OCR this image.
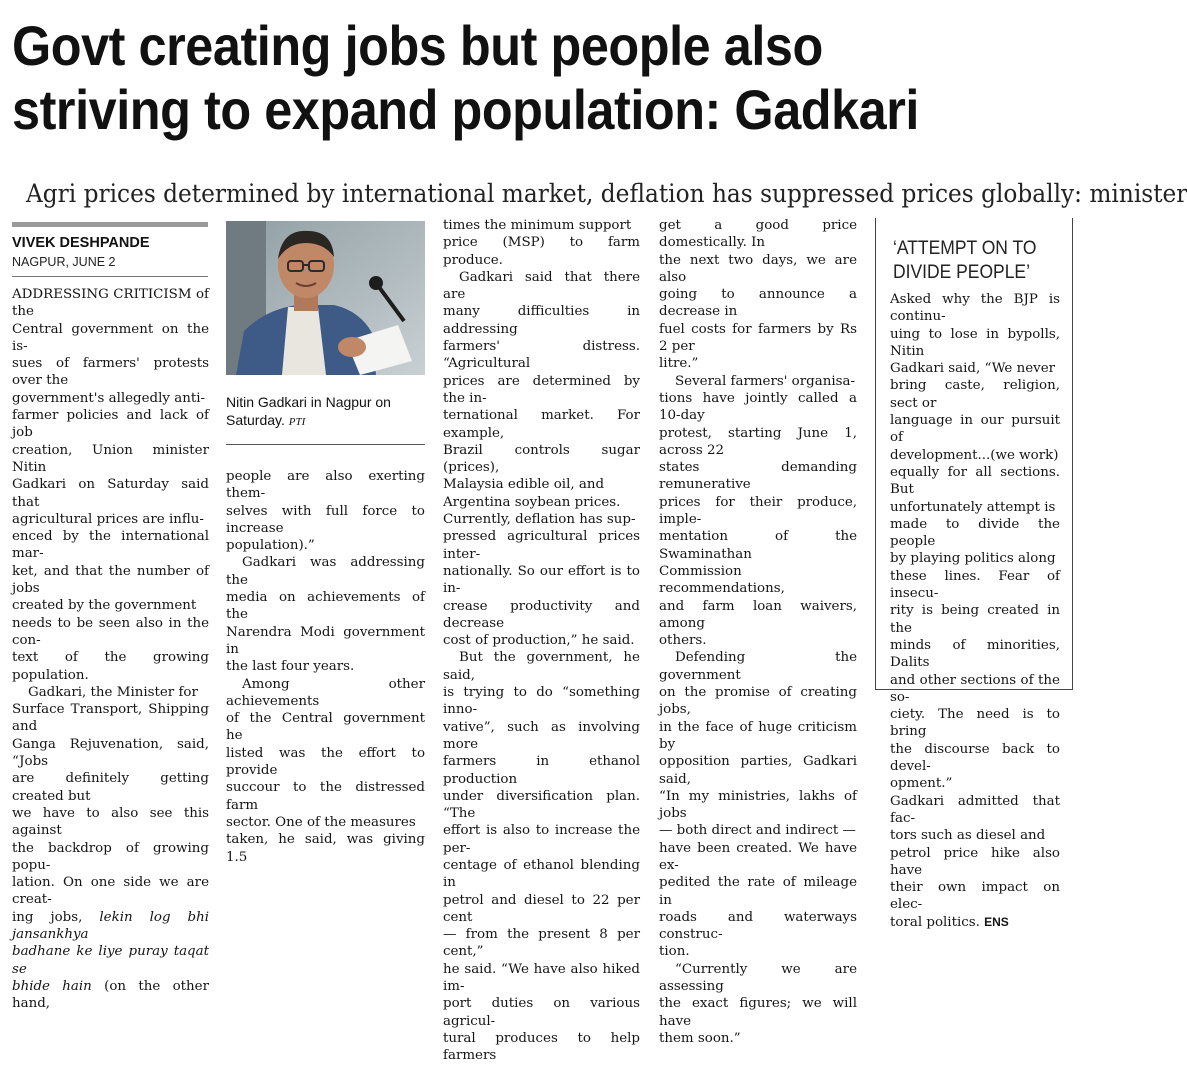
Govt creating jobs but people also
striving to expand population: Gadkari
Agri prices determined by international market, deflation has suppressed prices globally: minister
VIVEK DESHPANDE
NAGPUR, JUNE 2

ADDRESSING CRITICISM of the
Central government on the is-
sues of farmers' protests over the
government's allegedly anti-
farmer policies and lack of job
creation, Union minister Nitin
Gadkari on Saturday said that
agricultural prices are influ-
enced by the international mar-
ket, and that the number of jobs
created by the government
needs to be seen also in the con-
text of the growing population.

Gadkari, the Minister for
Surface Transport, Shipping and
Ganga Rejuvenation, said, “Jobs
are definitely getting created but
we have to also see this against
the backdrop of growing popu-
lation. On one side we are creat-
ing jobs, lekin log bhi jansankhya
badhane ke liye puray taqat se
bhide hain (on the other hand,

Nitin Gadkari in Nagpur on Saturday. PTI

people are also exerting them-
selves with full force to increase
population).”

Gadkari was addressing the
media on achievements of the
Narendra Modi government in
the last four years.

Among other achievements
of the Central government he
listed was the effort to provide
succour to the distressed farm
sector. One of the measures
taken, he said, was giving 1.5

times the minimum support
price (MSP) to farm produce.

Gadkari said that there are
many difficulties in addressing
farmers' distress. “Agricultural
prices are determined by the in-
ternational market. For example,
Brazil controls sugar (prices),
Malaysia edible oil, and
Argentina soybean prices.
Currently, deflation has sup-
pressed agricultural prices inter-
nationally. So our effort is to in-
crease productivity and decrease
cost of production,” he said.

But the government, he said,
is trying to do “something inno-
vative”, such as involving more
farmers in ethanol production
under diversification plan. “The
effort is also to increase the per-
centage of ethanol blending in
petrol and diesel to 22 per cent
— from the present 8 per cent,”
he said. “We have also hiked im-
port duties on various agricul-
tural produces to help farmers

get a good price domestically. In
the next two days, we are also
going to announce a decrease in
fuel costs for farmers by Rs 2 per
litre.”

Several farmers' organisa-
tions have jointly called a 10-day
protest, starting June 1, across 22
states demanding remunerative
prices for their produce, imple-
mentation of the Swaminathan
Commission recommendations,
and farm loan waivers, among
others.

Defending the government
on the promise of creating jobs,
in the face of huge criticism by
opposition parties, Gadkari said,
“In my ministries, lakhs of jobs
— both direct and indirect —
have been created. We have ex-
pedited the rate of mileage in
roads and waterways construc-
tion.

“Currently we are assessing
the exact figures; we will have
them soon.”

‘ATTEMPT ON TO
DIVIDE PEOPLE’

Asked why the BJP is continu-
uing to lose in bypolls, Nitin
Gadkari said, “We never
bring caste, religion, sect or
language in our pursuit of
development...(we work)
equally for all sections. But
unfortunately attempt is
made to divide the people
by playing politics along
these lines. Fear of insecu-
rity is being created in the
minds of minorities, Dalits
and other sections of the so-
ciety. The need is to bring
the discourse back to devel-
opment.”

Gadkari admitted that fac-
tors such as diesel and
petrol price hike also have
their own impact on elec-
toral politics. ENS
